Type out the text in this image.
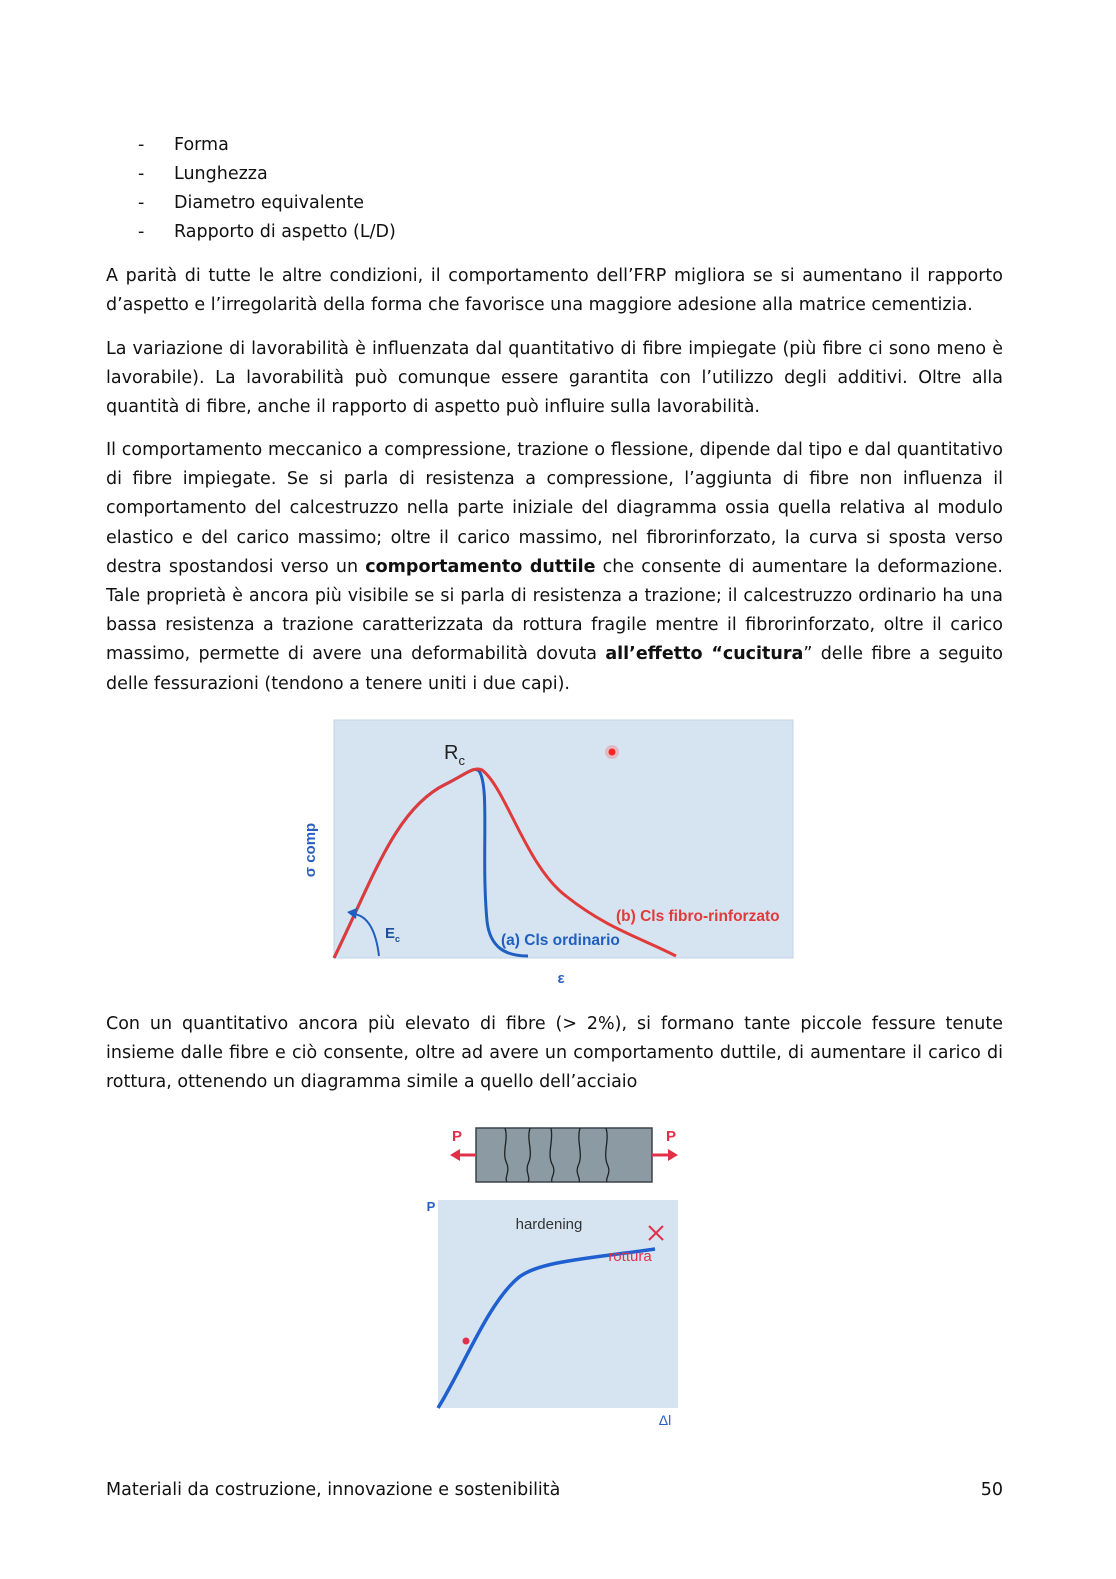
- Forma
- Lunghezza
- Diametro equivalente
- Rapporto di aspetto (L/D)

A parità di tutte le altre condizioni, il comportamento dell’FRP migliora se si aumentano il rapporto d’aspetto e l’irregolarità della forma che favorisce una maggiore adesione alla matrice cementizia.

La variazione di lavorabilità è influenzata dal quantitativo di fibre impiegate (più fibre ci sono meno è lavorabile). La lavorabilità può comunque essere garantita con l’utilizzo degli additivi. Oltre alla quantità di fibre, anche il rapporto di aspetto può influire sulla lavorabilità.

Il comportamento meccanico a compressione, trazione o flessione, dipende dal tipo e dal quantitativo di fibre impiegate. Se si parla di resistenza a compressione, l’aggiunta di fibre non influenza il comportamento del calcestruzzo nella parte iniziale del diagramma ossia quella relativa al modulo elastico e del carico massimo; oltre il carico massimo, nel fibrorinforzato, la curva si sposta verso destra spostandosi verso un comportamento duttile che consente di aumentare la deformazione. Tale proprietà è ancora più visibile se si parla di resistenza a trazione; il calcestruzzo ordinario ha una bassa resistenza a trazione caratterizzata da rottura fragile mentre il fibrorinforzato, oltre il carico massimo, permette di avere una deformabilità dovuta all’effetto “cucitura” delle fibre a seguito delle fessurazioni (tendono a tenere uniti i due capi).

$R_c$
$E_c$	(a) Cls ordinario
(b) Cls fibro-rinforzato
σ comp
ε

Con un quantitativo ancora più elevato di fibre (> 2%), si formano tante piccole fessure tenute insieme dalle fibre e ciò consente, oltre ad avere un comportamento duttile, di aumentare il carico di rottura, ottenendo un diagramma simile a quello dell’acciaio

P	P
hardening
rottura
P
Δl
Materiali da costruzione, innovazione e sostenibilità	50
